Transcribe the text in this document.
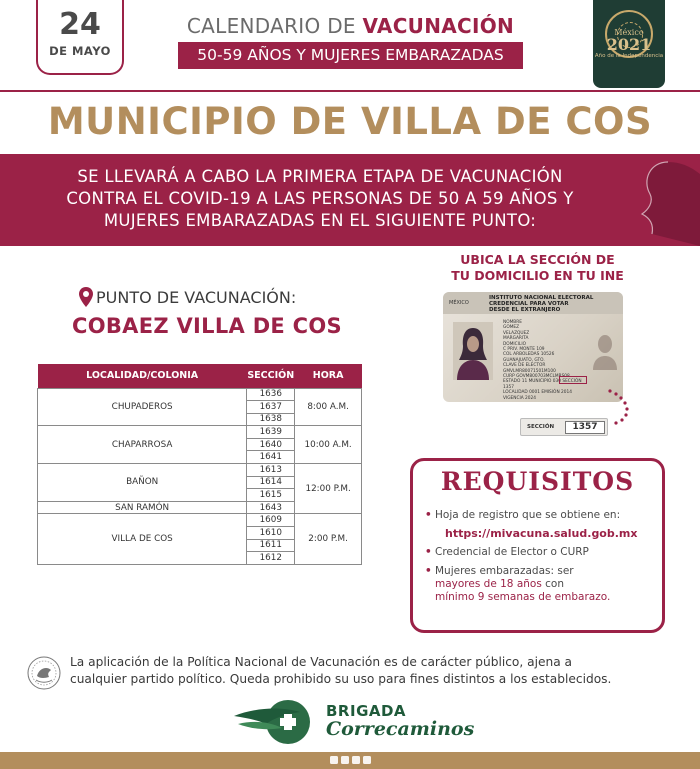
24
DE MAYO
CALENDARIO DE VACUNACIÓN
50-59 AÑOS Y MUJERES EMBARAZADAS
México
2021
Año de la Independencia
MUNICIPIO DE VILLA DE COS
SE LLEVARÁ A CABO LA PRIMERA ETAPA DE VACUNACIÓN
CONTRA EL COVID-19 A LAS PERSONAS DE 50 A 59 AÑOS Y
MUJERES EMBARAZADAS EN EL SIGUIENTE PUNTO:
PUNTO DE VACUNACIÓN:
COBAEZ VILLA DE COS
LOCALIDAD/COLONIA	SECCIÓN	HORA
CHUPADEROS	1636	8:00 A.M.
	1637	
	1638	
CHAPARROSA	1639	10:00 A.M.
	1640	
	1641	
BAÑON	1613	12:00 P.M.
	1614	
	1615	
SAN RAMÓN	1643	
VILLA DE COS	1609	2:00 P.M.
	1610	
	1611	
	1612	
UBICA LA SECCIÓN DE
TU DOMICILIO EN TU INE
MÉXICO
INSTITUTO NACIONAL ELECTORAL
CREDENCIAL PARA VOTAR
DESDE EL EXTRANJERO
NOMBRE
GOMEZ
VELAZQUEZ
MARGARITA
DOMICILIO
C PRIV. MONTE 109
COL ARBOLEDAS 10526
GUANAJUATO, GTO.
CLAVE DE ELECTOR GMVLMR80071501M100
CURP GOVM800703MCLMRS08
ESTADO 11 MUNICIPIO 030 SECCIÓN 1357
LOCALIDAD 0001 EMISIÓN 2014 VIGENCIA 2024
SECCIÓN	1357
REQUISITOS
• Hoja de registro que se obtiene en:
https://mivacuna.salud.gob.mx
• Credencial de Elector o CURP
• Mujeres embarazadas: ser
mayores de 18 años con
mínimo 9 semanas de embarazo.
La aplicación de la Política Nacional de Vacunación es de carácter público, ajena a
cualquier partido político. Queda prohibido su uso para fines distintos a los establecidos.
BRIGADA
Correcaminos
